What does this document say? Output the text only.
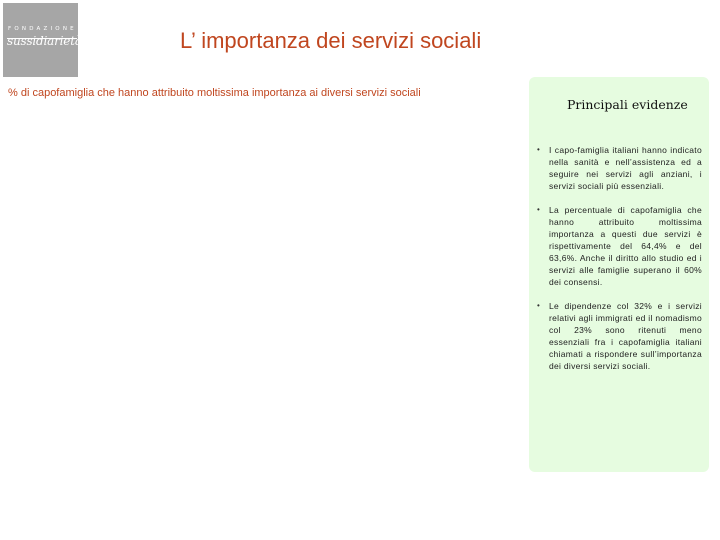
FONDAZIONE
sussidiarietà	L’ importanza dei servizi sociali
% di capofamiglia che hanno attribuito moltissima importanza ai diversi servizi sociali
Principali evidenze
•	I capo-famiglia italiani hanno indicato nella sanità e nell’assistenza ed a seguire nei servizi agli anziani, i servizi sociali più essenziali.
•	La percentuale di capofamiglia che hanno attribuito moltissima importanza a questi due servizi è rispettivamente del 64,4% e del 63,6%. Anche il diritto allo studio ed i servizi alle famiglie superano il 60% dei consensi.
•	Le dipendenze col 32% e i servizi relativi agli immigrati ed il nomadismo col 23% sono ritenuti meno essenziali fra i capofamiglia italiani chiamati a rispondere sull’importanza dei diversi servizi sociali.
